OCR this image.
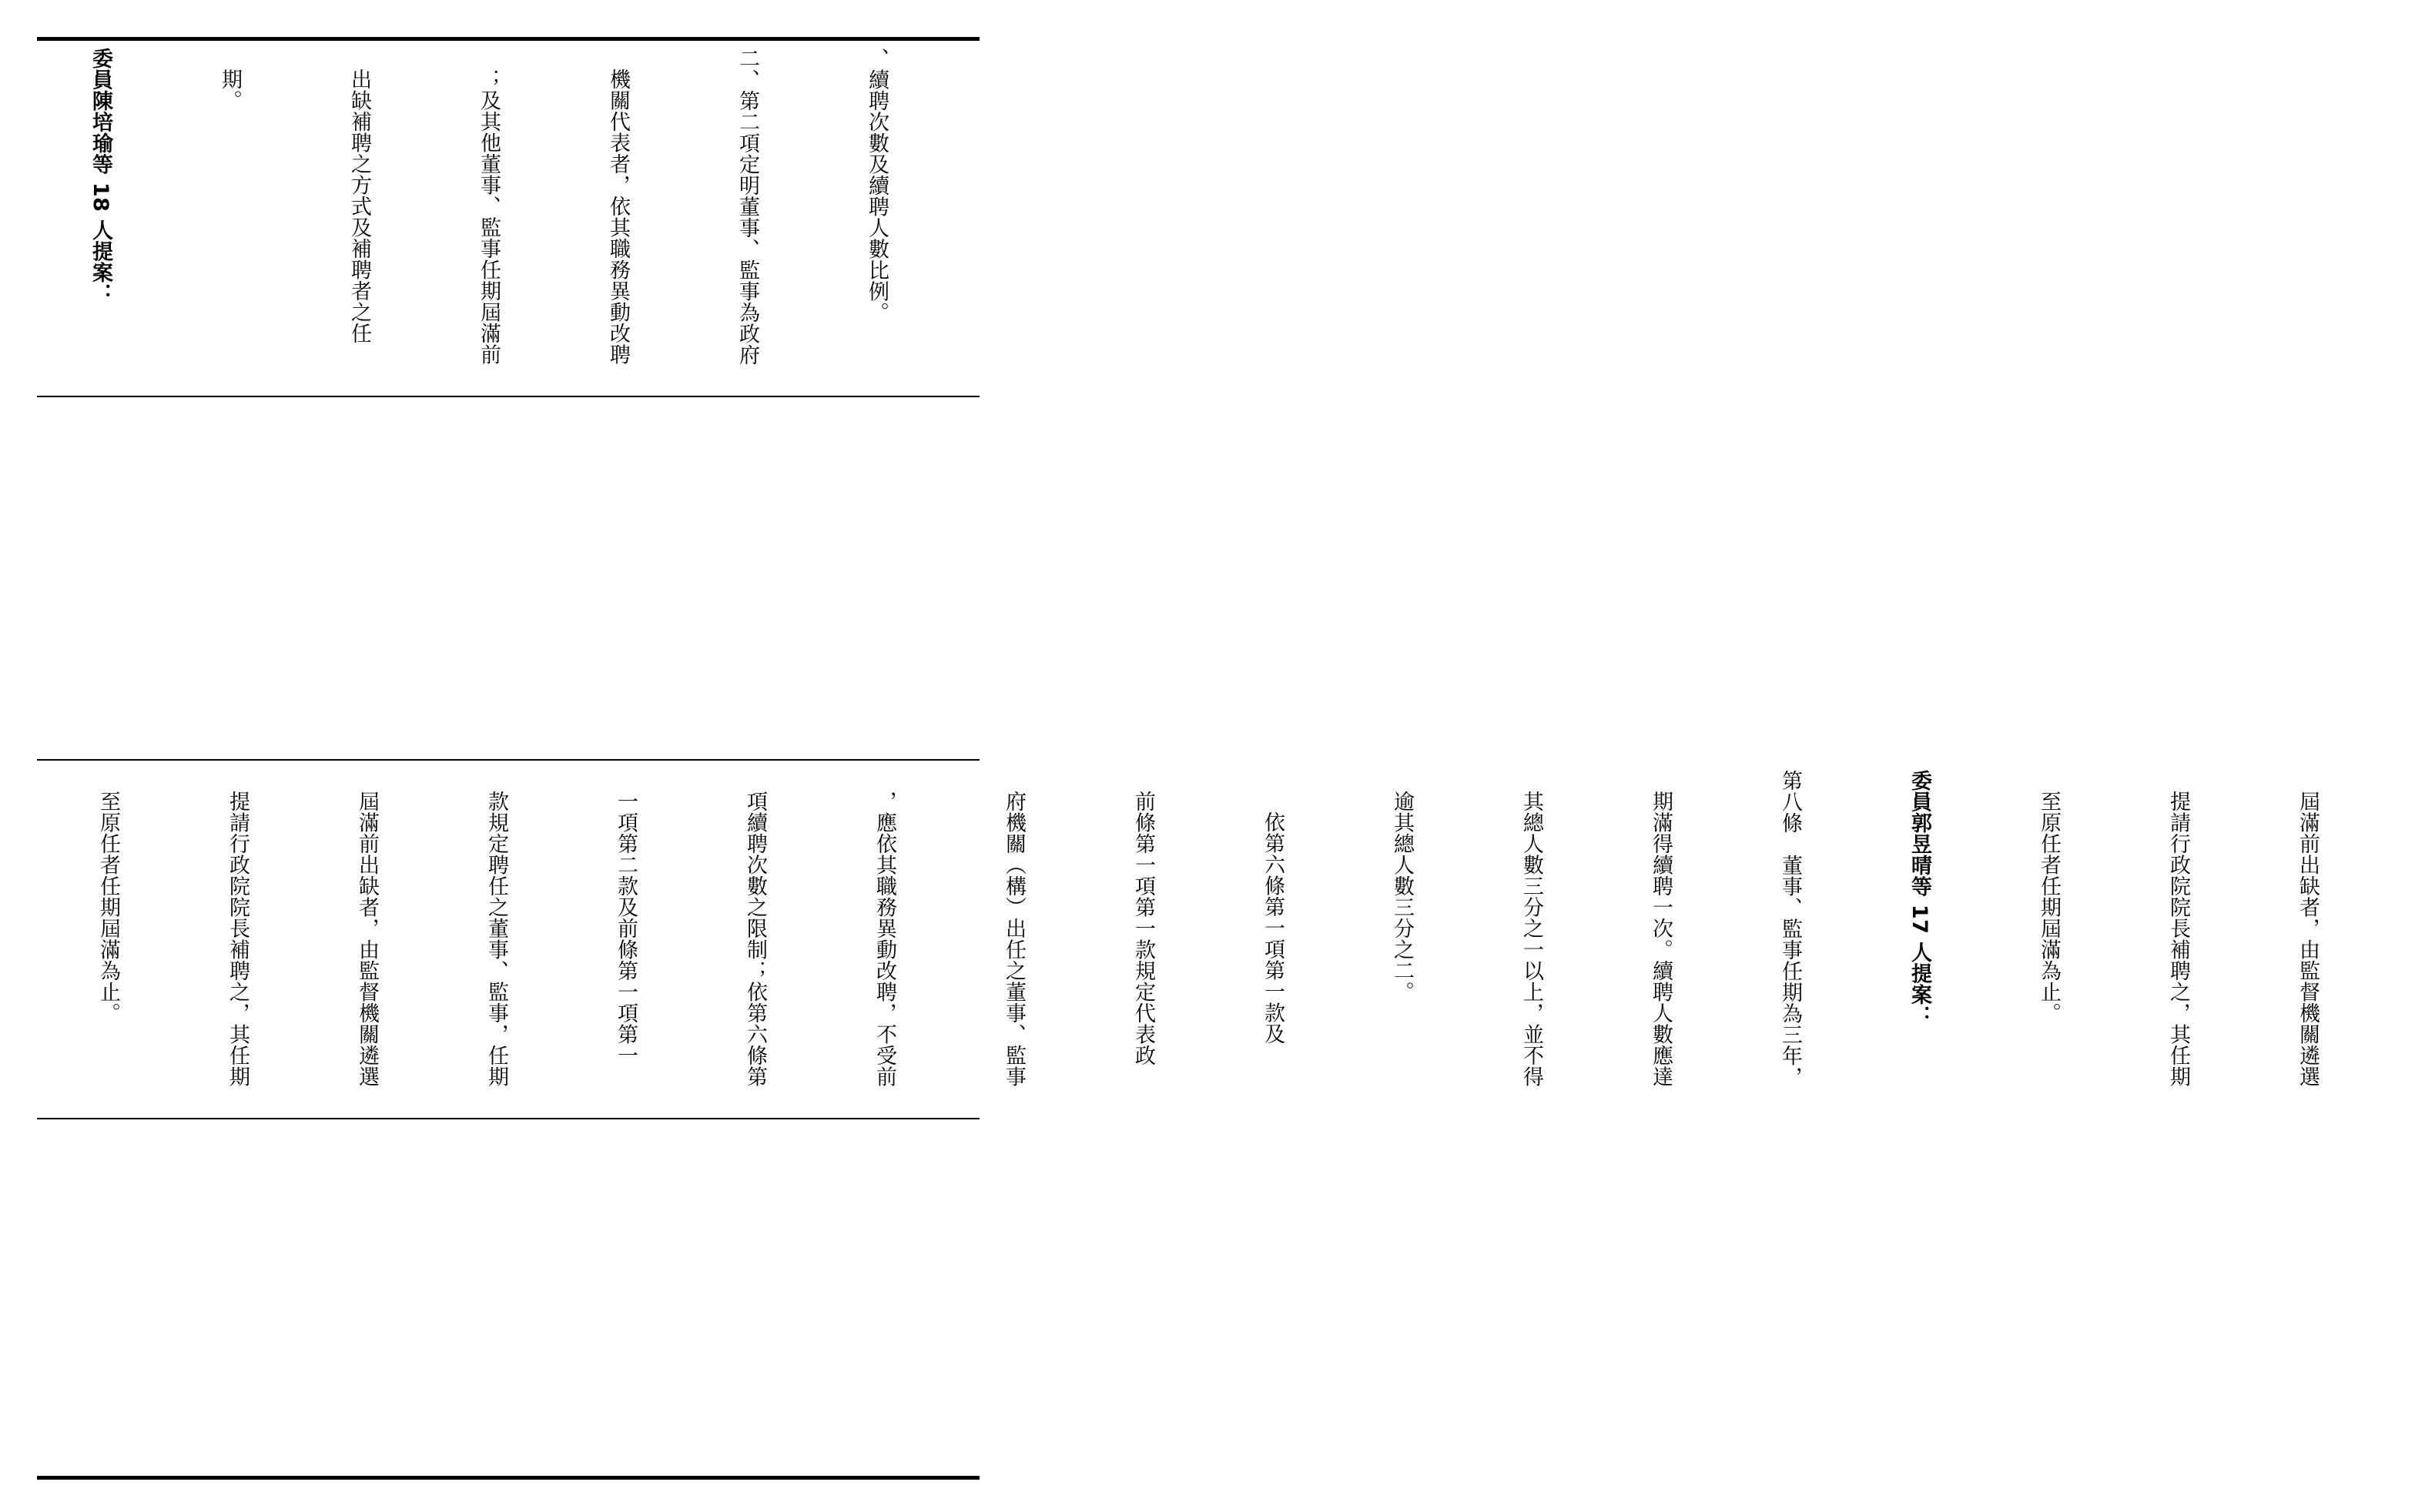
、續聘次數及續聘人數比例。

二、第二項定明董事、監事為政府

機關代表者，依其職務異動改聘

；及其他董事、監事任期屆滿前

出缺補聘之方式及補聘者之任

期。

委員陳培瑜等 18 人提案：

屆滿前出缺者，由監督機關遴選

提請行政院院長補聘之，其任期

至原任者任期屆滿為止。

委員郭昱晴等 17 人提案：

第八條　董事、監事任期為三年，

期滿得續聘一次。續聘人數應達

其總人數三分之一以上，並不得

逾其總人數三分之二。

依第六條第一項第一款及

前條第一項第一款規定代表政

府機關（構）出任之董事、監事

，應依其職務異動改聘，不受前

項續聘次數之限制；依第六條第

一項第二款及前條第一項第一

款規定聘任之董事、監事，任期

屆滿前出缺者，由監督機關遴選

提請行政院院長補聘之，其任期

至原任者任期屆滿為止。
